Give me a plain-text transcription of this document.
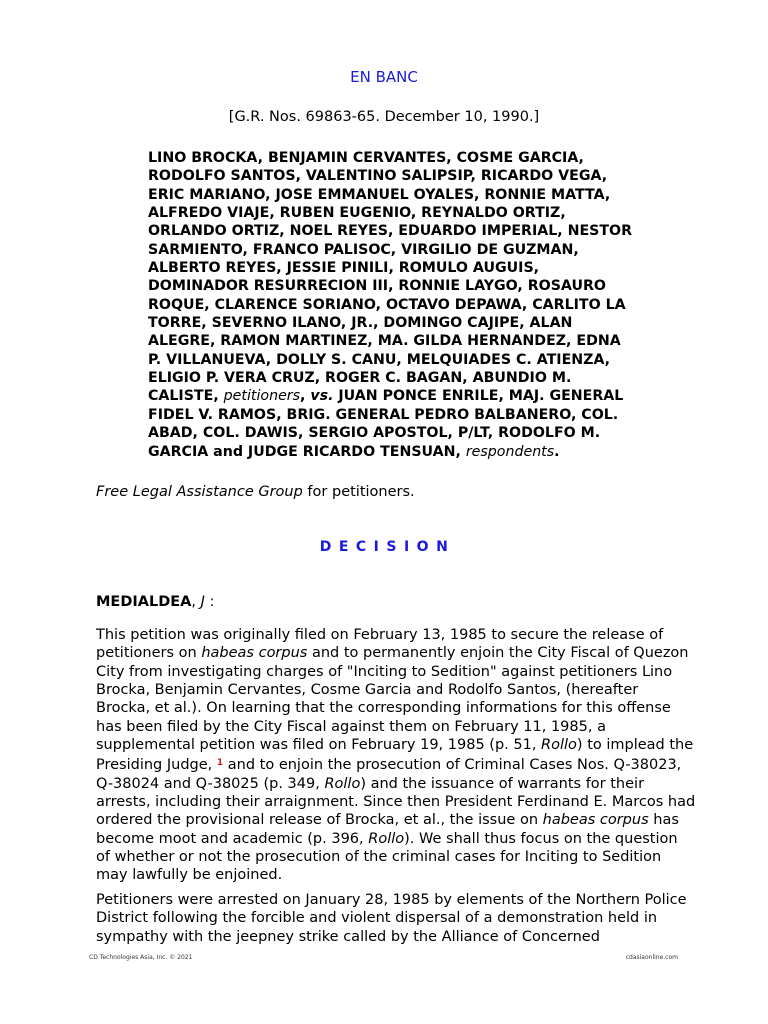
EN BANC
[G.R. Nos. 69863-65. December 10, 1990.]
LINO BROCKA, BENJAMIN CERVANTES, COSME GARCIA, RODOLFO SANTOS, VALENTINO SALIPSIP, RICARDO VEGA, ERIC MARIANO, JOSE EMMANUEL OYALES, RONNIE MATTA, ALFREDO VIAJE, RUBEN EUGENIO, REYNALDO ORTIZ, ORLANDO ORTIZ, NOEL REYES, EDUARDO IMPERIAL, NESTOR SARMIENTO, FRANCO PALISOC, VIRGILIO DE GUZMAN, ALBERTO REYES, JESSIE PINILI, ROMULO AUGUIS, DOMINADOR RESURRECION III, RONNIE LAYGO, ROSAURO ROQUE, CLARENCE SORIANO, OCTAVO DEPAWA, CARLITO LA TORRE, SEVERNO ILANO, JR., DOMINGO CAJIPE, ALAN ALEGRE, RAMON MARTINEZ, MA. GILDA HERNANDEZ, EDNA P. VILLANUEVA, DOLLY S. CANU, MELQUIADES C. ATIENZA, ELIGIO P. VERA CRUZ, ROGER C. BAGAN, ABUNDIO M. CALISTE, petitioners, vs. JUAN PONCE ENRILE, MAJ. GENERAL FIDEL V. RAMOS, BRIG. GENERAL PEDRO BALBANERO, COL. ABAD, COL. DAWIS, SERGIO APOSTOL, P/LT, RODOLFO M. GARCIA and JUDGE RICARDO TENSUAN, respondents.
Free Legal Assistance Group for petitioners.
DECISION
MEDIALDEA, J :

This petition was originally filed on February 13, 1985 to secure the release of petitioners on habeas corpus and to permanently enjoin the City Fiscal of Quezon City from investigating charges of "Inciting to Sedition" against petitioners Lino Brocka, Benjamin Cervantes, Cosme Garcia and Rodolfo Santos, (hereafter Brocka, et al.). On learning that the corresponding informations for this offense has been filed by the City Fiscal against them on February 11, 1985, a supplemental petition was filed on February 19, 1985 (p. 51, Rollo) to implead the Presiding Judge, $^1$ and to enjoin the prosecution of Criminal Cases Nos. Q-38023, Q-38024 and Q-38025 (p. 349, Rollo) and the issuance of warrants for their arrests, including their arraignment. Since then President Ferdinand E. Marcos had ordered the provisional release of Brocka, et al., the issue on habeas corpus has become moot and academic (p. 396, Rollo). We shall thus focus on the question of whether or not the prosecution of the criminal cases for Inciting to Sedition may lawfully be enjoined.

Petitioners were arrested on January 28, 1985 by elements of the Northern Police District following the forcible and violent dispersal of a demonstration held in sympathy with the jeepney strike called by the Alliance of Concerned

CD Technologies Asia, Inc. © 2021	cdasiaonline.com
